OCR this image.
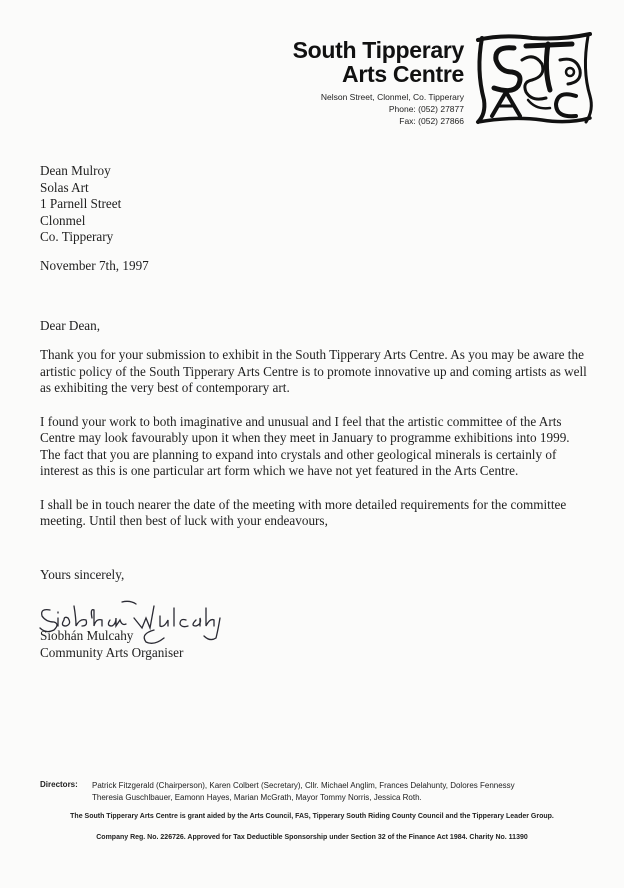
South Tipperary
Arts Centre
Nelson Street, Clonmel, Co. Tipperary
Phone: (052) 27877
Fax: (052) 27866
Dean Mulroy
Solas Art
1 Parnell Street
Clonmel
Co. Tipperary
November 7th, 1997
Dear Dean,

Thank you for your submission to exhibit in the South Tipperary Arts Centre. As you may be aware the artistic policy of the South Tipperary Arts Centre is to promote innovative up and coming artists as well as exhibiting the very best of contemporary art.

I found your work to both imaginative and unusual and I feel that the artistic committee of the Arts Centre may look favourably upon it when they meet in January to programme exhibitions into 1999. The fact that you are planning to expand into crystals and other geological minerals is certainly of interest as this is one particular art form which we have not yet featured in the Arts Centre.

I shall be in touch nearer the date of the meeting with more detailed requirements for the committee meeting. Until then best of luck with your endeavours,

Yours sincerely,
Siobhán Mulcahy
Community Arts Organiser
Directors: Patrick Fitzgerald (Chairperson), Karen Colbert (Secretary), Cllr. Michael Anglim, Frances Delahunty, Dolores Fennessy
Theresia Guschlbauer, Eamonn Hayes, Marian McGrath, Mayor Tommy Norris, Jessica Roth.
The South Tipperary Arts Centre is grant aided by the Arts Council, FAS, Tipperary South Riding County Council and the Tipperary Leader Group.
Company Reg. No. 226726. Approved for Tax Deductible Sponsorship under Section 32 of the Finance Act 1984. Charity No. 11390
